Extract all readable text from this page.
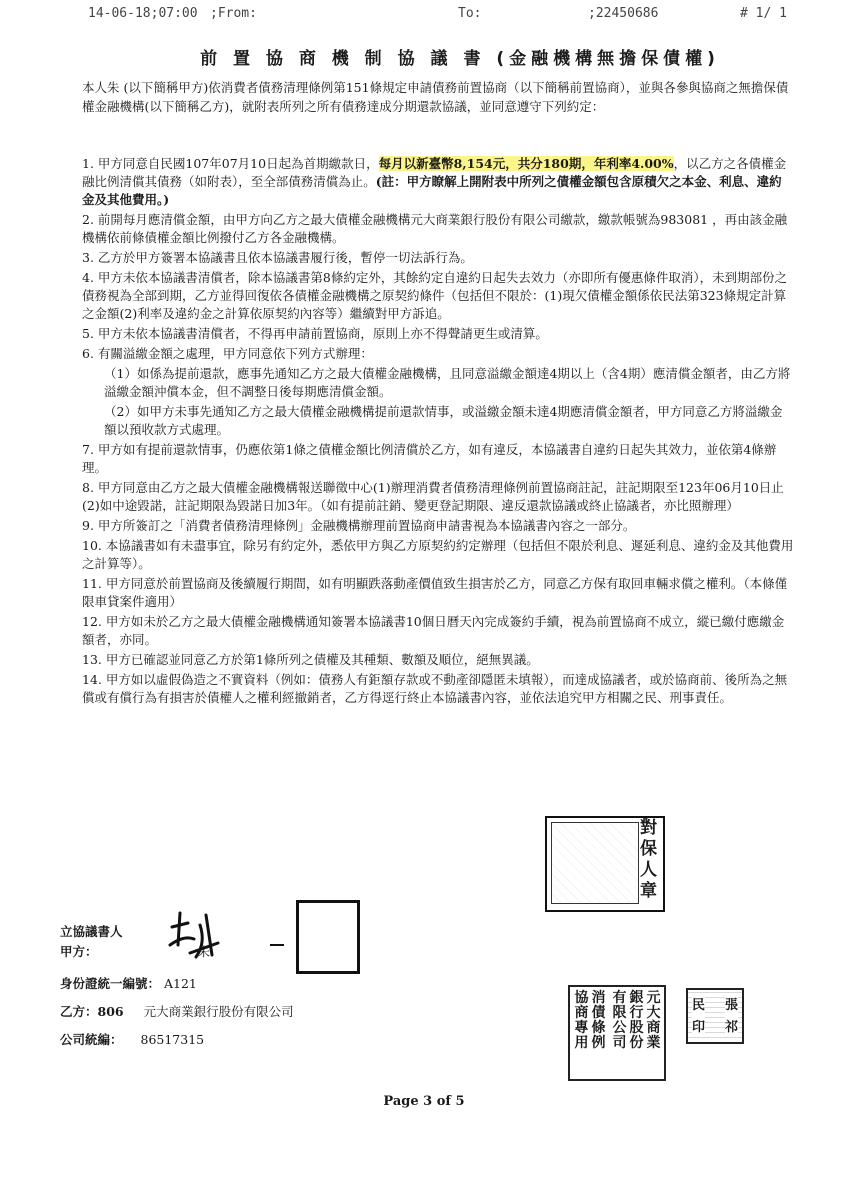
14-06-18;07:00 ;From:	To:	;22450686	# 1/ 1
前 置 協 商 機 制 協 議 書 (金融機構無擔保債權)
本人朱 (以下簡稱甲方)依消費者債務清理條例第151條規定申請債務前置協商（以下簡稱前置協商），並與各參與協商之無擔保債權金融機構(以下簡稱乙方)，就附表所列之所有債務達成分期還款協議，並同意遵守下列約定：
1. 甲方同意自民國107年07月10日起為首期繳款日，每月以新臺幣8,154元，共分180期，年利率4.00%，以乙方之各債權金融比例清償其債務（如附表），至全部債務清償為止。(註：甲方瞭解上開附表中所列之債權金額包含原積欠之本金、利息、違約金及其他費用。)
2. 前開每月應清償金額，由甲方向乙方之最大債權金融機構元大商業銀行股份有限公司繳款，繳款帳號為983081 ，再由該金融機構依前條債權金額比例撥付乙方各金融機構。
3. 乙方於甲方簽署本協議書且依本協議書履行後，暫停一切法訴行為。
4. 甲方未依本協議書清償者，除本協議書第8條約定外，其餘約定自違約日起失去效力（亦即所有優惠條件取消），未到期部份之債務視為全部到期，乙方並得回復依各債權金融機構之原契約條件（包括但不限於：(1)現欠債權金額係依民法第323條規定計算之金額(2)利率及違約金之計算依原契約內容等）繼續對甲方訴追。
5. 甲方未依本協議書清償者，不得再申請前置協商，原則上亦不得聲請更生或清算。
6. 有關溢繳金額之處理，甲方同意依下列方式辦理：
（1）如係為提前還款，應事先通知乙方之最大債權金融機構，且同意溢繳金額達4期以上（含4期）應清償金額者，由乙方將溢繳金額沖償本金，但不調整日後每期應清償金額。
（2）如甲方未事先通知乙方之最大債權金融機構提前還款情事，或溢繳金額未達4期應清償金額者，甲方同意乙方將溢繳金額以預收款方式處理。
7. 甲方如有提前還款情事，仍應依第1條之債權金額比例清償於乙方，如有違反，本協議書自違約日起失其效力，並依第4條辦理。
8. 甲方同意由乙方之最大債權金融機構報送聯徵中心(1)辦理消費者債務清理條例前置協商註記，註記期限至123年06月10日止(2)如中途毀諾，註記期限為毀諾日加3年。（如有提前註銷、變更登記期限、違反還款協議或終止協議者，亦比照辦理）
9. 甲方所簽訂之「消費者債務清理條例」金融機構辦理前置協商申請書視為本協議書內容之一部分。
10. 本協議書如有未盡事宜，除另有約定外，悉依甲方與乙方原契約約定辦理（包括但不限於利息、遲延利息、違約金及其他費用之計算等）。
11. 甲方同意於前置協商及後續履行期間，如有明顯跌落動產價值致生損害於乙方，同意乙方保有取回車輛求償之權利。（本條僅限車貸案件適用）
12. 甲方如未於乙方之最大債權金融機構通知簽署本協議書10個日曆天內完成簽約手續，視為前置協商不成立，縱已繳付應繳金額者，亦同。
13. 甲方已確認並同意乙方於第1條所列之債權及其種類、數額及順位，絕無異議。
14. 甲方如以虛假偽造之不實資料（例如：債務人有鉅額存款或不動產卻隱匿未填報），而達成協議者，或於協商前、後所為之無償或有償行為有損害於債權人之權利經撤銷者，乙方得逕行終止本協議書內容，並依法追究甲方相關之民、刑事責任。
對保人章
立協議書人
甲方：	朱
身份證統一編號： A121
乙方：806 元大商業銀行股份有限公司
公司統編： 86517315
元大商業
銀行股份
有限公司
消債條例
協商專用
張
祁
民
印
Page 3 of 5
